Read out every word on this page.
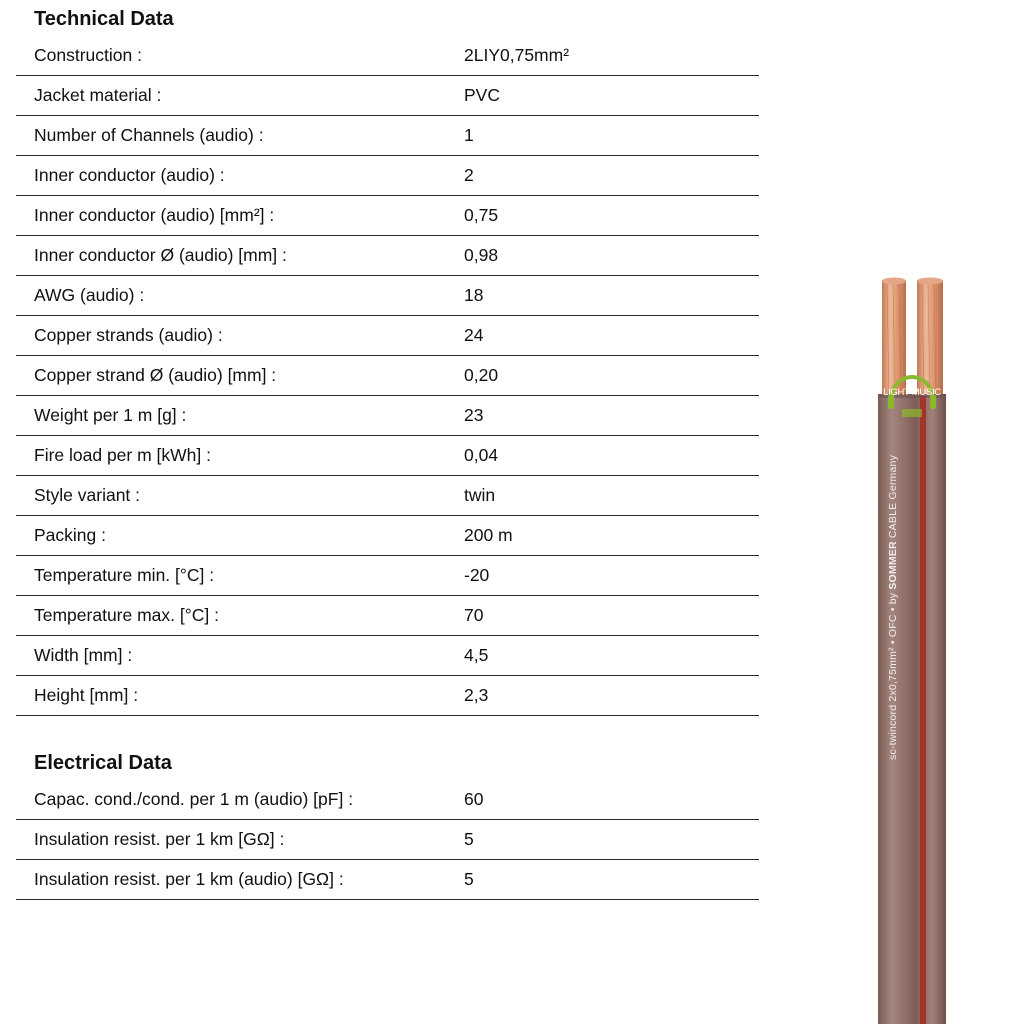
Technical Data
Construction :	2LIY0,75mm²
Jacket material :	PVC
Number of Channels (audio) :	1
Inner conductor (audio) :	2
Inner conductor (audio) [mm²] :	0,75
Inner conductor Ø (audio) [mm] :	0,98
AWG (audio) :	18
Copper strands (audio) :	24
Copper strand Ø (audio) [mm] :	0,20
Weight per 1 m [g] :	23
Fire load per m [kWh] :	0,04
Style variant :	twin
Packing :	200 m
Temperature min. [°C] :	-20
Temperature max. [°C] :	70
Width [mm] :	4,5
Height [mm] :	2,3
Electrical Data
Capac. cond./cond. per 1 m (audio) [pF] :	60
Insulation resist. per 1 km [GΩ] :	5
Insulation resist. per 1 km (audio) [GΩ] :	5
LIGHT MUSIC
sc-twincord 2x0,75mm² • OFC • by SOMMER CABLE Germany
